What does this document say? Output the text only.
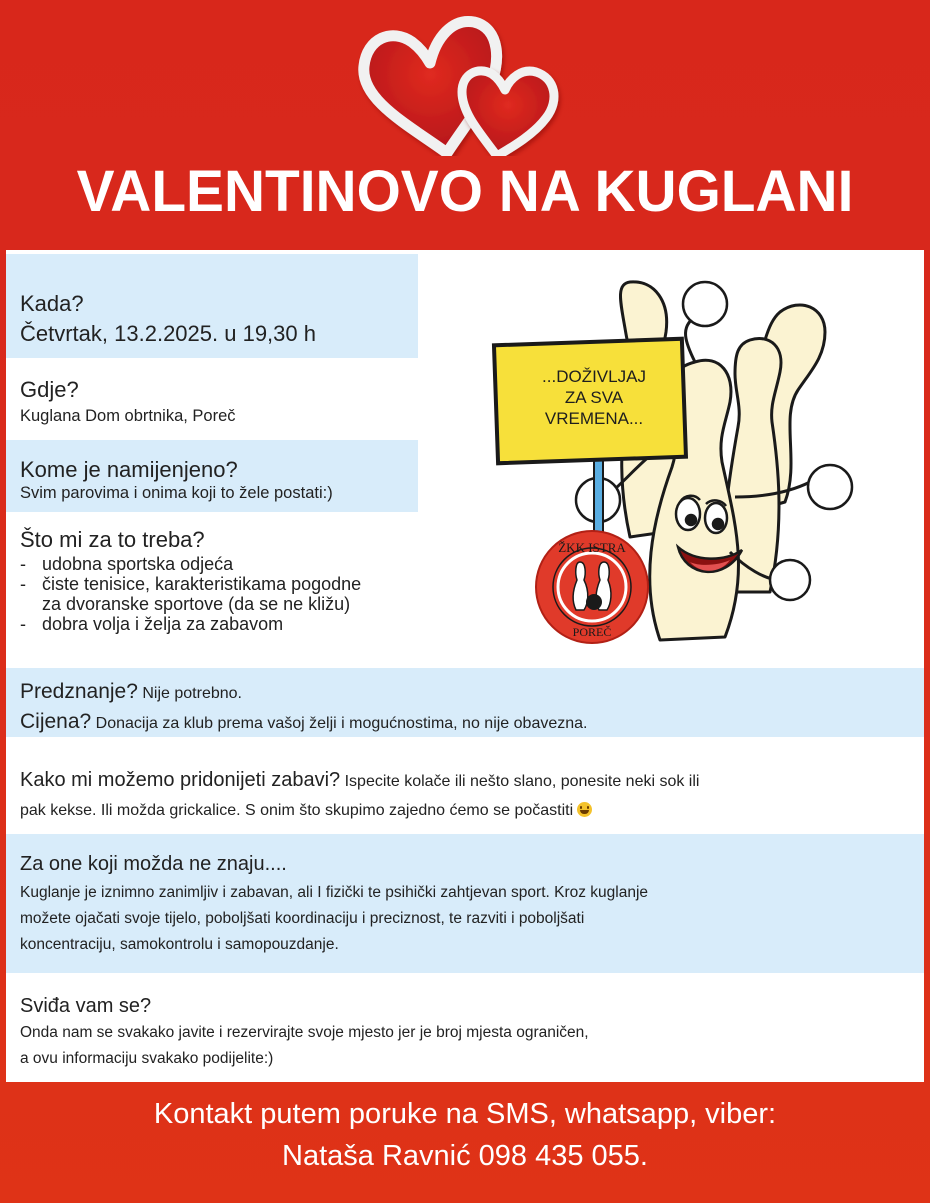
VALENTINOVO NA KUGLANI
Kada?
Četvrtak, 13.2.2025. u 19,30 h
Gdje?
Kuglana Dom obrtnika, Poreč
Kome je namijenjeno?
Svim parovima i onima koji to žele postati:)
Što mi za to treba?
- udobna sportska odjeća
- čiste tenisice, karakteristikama pogodne
za dvoranske sportove (da se ne kližu)
- dobra volja i želja za zabavom
Predznanje? Nije potrebno.
Cijena? Donacija za klub prema vašoj želji i mogućnostima, no nije obavezna.
Kako mi možemo pridonijeti zabavi? Ispecite kolače ili nešto slano, ponesite neki sok ili
pak kekse. Ili možda grickalice. S onim što skupimo zajedno ćemo se počastiti
Za one koji možda ne znaju....
Kuglanje je iznimno zanimljiv i zabavan, ali I fizički te psihički zahtjevan sport. Kroz kuglanje
možete ojačati svoje tijelo, poboljšati koordinaciju i preciznost, te razviti i poboljšati
koncentraciju, samokontrolu i samopouzdanje.
Sviđa vam se?
Onda nam se svakako javite i rezervirajte svoje mjesto jer je broj mjesta ograničen,
a ovu informaciju svakako podijelite:)
ŽKK ISTRA
POREČ
...DOŽIVLJAJ
ZA SVA
VREMENA...
Kontakt putem poruke na SMS, whatsapp, viber:
Nataša Ravnić 098 435 055.
